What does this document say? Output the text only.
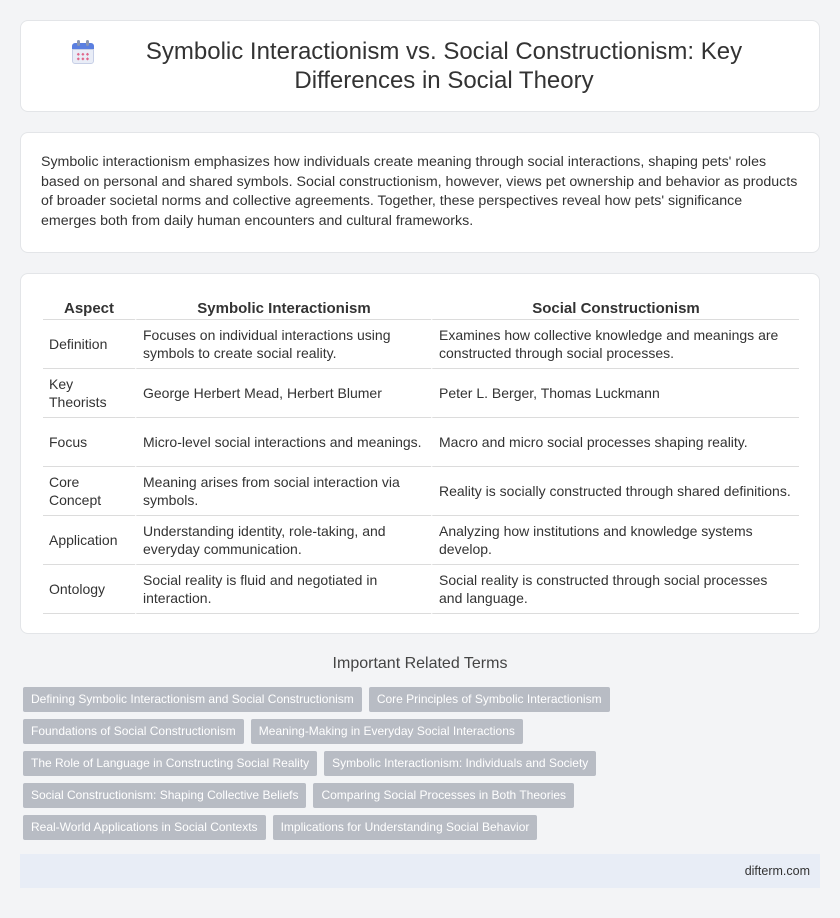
Symbolic Interactionism vs. Social Constructionism: Key Differences in Social Theory

Symbolic interactionism emphasizes how individuals create meaning through social interactions, shaping pets' roles based on personal and shared symbols. Social constructionism, however, views pet ownership and behavior as products of broader societal norms and collective agreements. Together, these perspectives reveal how pets' significance emerges both from daily human encounters and cultural frameworks.

Aspect	Symbolic Interactionism	Social Constructionism
Definition	Focuses on individual interactions using symbols to create social reality.	Examines how collective knowledge and meanings are constructed through social processes.
Key Theorists	George Herbert Mead, Herbert Blumer	Peter L. Berger, Thomas Luckmann
Focus	Micro-level social interactions and meanings.	Macro and micro social processes shaping reality.
Core Concept	Meaning arises from social interaction via symbols.	Reality is socially constructed through shared definitions.
Application	Understanding identity, role-taking, and everyday communication.	Analyzing how institutions and knowledge systems develop.
Ontology	Social reality is fluid and negotiated in interaction.	Social reality is constructed through social processes and language.
Important Related Terms
Defining Symbolic Interactionism and Social Constructionism	Core Principles of Symbolic Interactionism
Foundations of Social Constructionism	Meaning-Making in Everyday Social Interactions
The Role of Language in Constructing Social Reality	Symbolic Interactionism: Individuals and Society
Social Constructionism: Shaping Collective Beliefs	Comparing Social Processes in Both Theories
Real-World Applications in Social Contexts	Implications for Understanding Social Behavior
difterm.com
